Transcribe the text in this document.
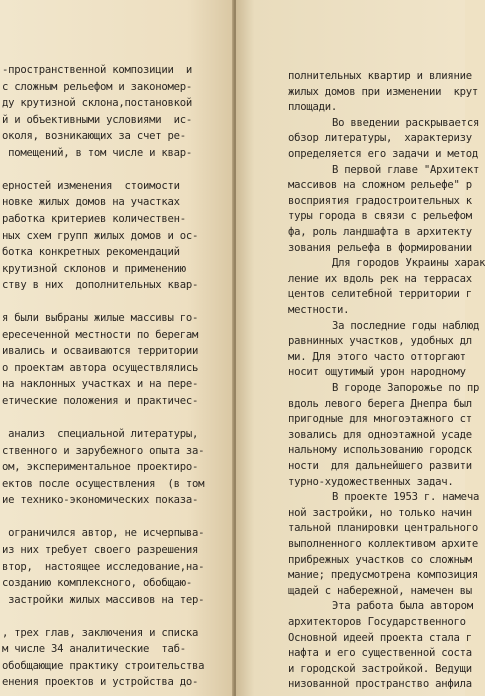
-пространственной композиции  и
с сложным рельефом и закономер-
ду крутизной склона,постановкой
й и объективными условиями  ис-
околя, возникающих за счет ре-
помещений, в том числе и квар-
ерностей изменения  стоимости
новке жилых домов на участках
работка критериев количествен-
ных схем групп жилых домов и ос-
ботка конкретных рекомендаций
крутизной склонов и применению
ству в них  дополнительных квар-
я были выбраны жилые массивы го-
ересеченной местности по берегам
ивались и осваиваются территории
о проектам автора осуществлялись
на наклонных участках и на пере-
етические положения и практичес-
анализ  специальной литературы,
ственного и зарубежного опыта за-
ом, экспериментальное проектиро-
ектов после осуществления  (в том
ие технико-экономических показа-
ограничился автор, не исчерпыва-
из них требует своего разрешения
втор,  настоящее исследование,на-
созданию комплексного, обобщаю-
застройки жилых массивов на тер-
, трех глав, заключения и списка
м числе 34 аналитические  таб-
обобщающие практику строительства
енения проектов и устройства до-
полнительных квартир и влияние
жилых домов при изменении  крут
площади.
Во введении раскрывается
обзор литературы,  характеризу
определяется его задачи и метод
В первой главе "Архитект
массивов на сложном рельефе" р
восприятия градостроительных к
туры города в связи с рельефом
фа, роль ландшафта в архитекту
зования рельефа в формировании
Для городов Украины харак
ление их вдоль рек на террасах
центов селитебной территории г
местности.
За последние годы наблюд
равнинных участков, удобных дл
ми. Для этого часто отторгают
носит ощутимый урон народному
В городе Запорожье по пр
вдоль левого берега Днепра был
пригодные для многоэтажного ст
зовались для одноэтажной усаде
нальному использованию городск
ности  для дальнейшего развити
турно-художественных задач.
В проекте 1953 г. намеча
ной застройки, но только начин
тальной планировки центрального
выполненного коллективом архите
прибрежных участков со сложным
мание; предусмотрена композиция
щадей с набережной, намечен вы
Эта работа была автором
архитекторов Государственного
Основной идеей проекта стала г
нафта и его существенной соста
и городской застройкой. Ведущи
низованной пространство анфила
